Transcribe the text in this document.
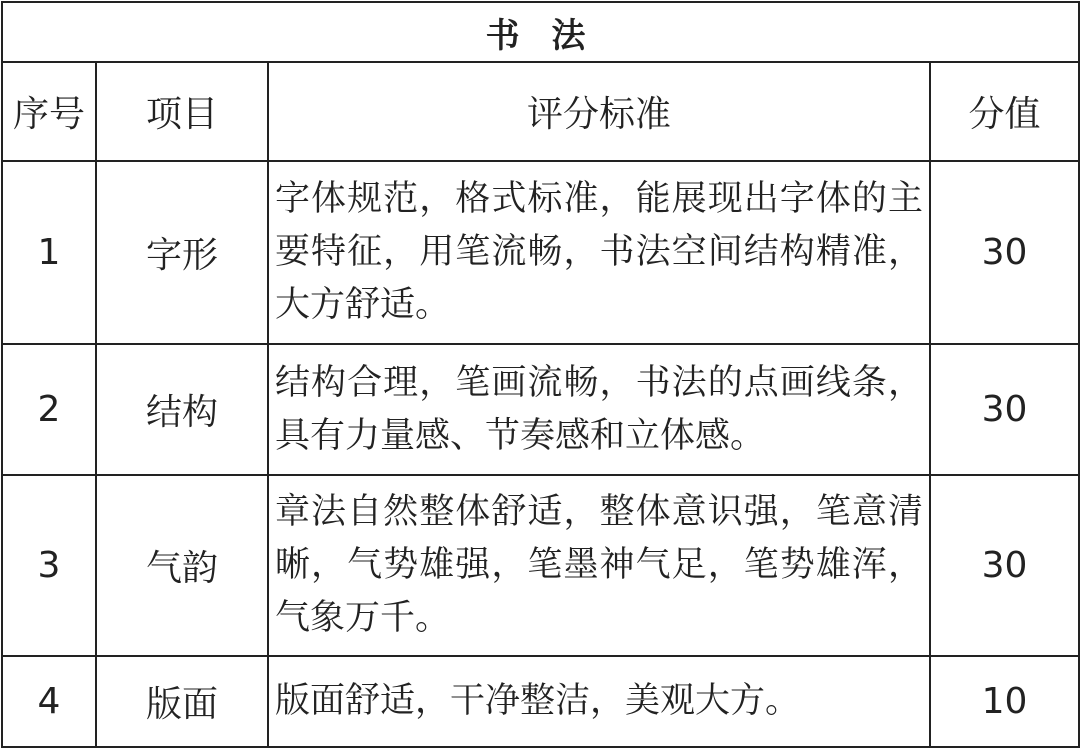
书 法			
序号	项目	评分标准	分值
1	字形	字体规范，格式标准，能展现出字体的主要特征，用笔流畅，书法空间结构精准，大方舒适。	30
2	结构	结构合理，笔画流畅，书法的点画线条，具有力量感、节奏感和立体感。	30
3	气韵	章法自然整体舒适，整体意识强，笔意清晰，气势雄强，笔墨神气足，笔势雄浑，气象万千。	30
4	版面	版面舒适，干净整洁，美观大方。	10
